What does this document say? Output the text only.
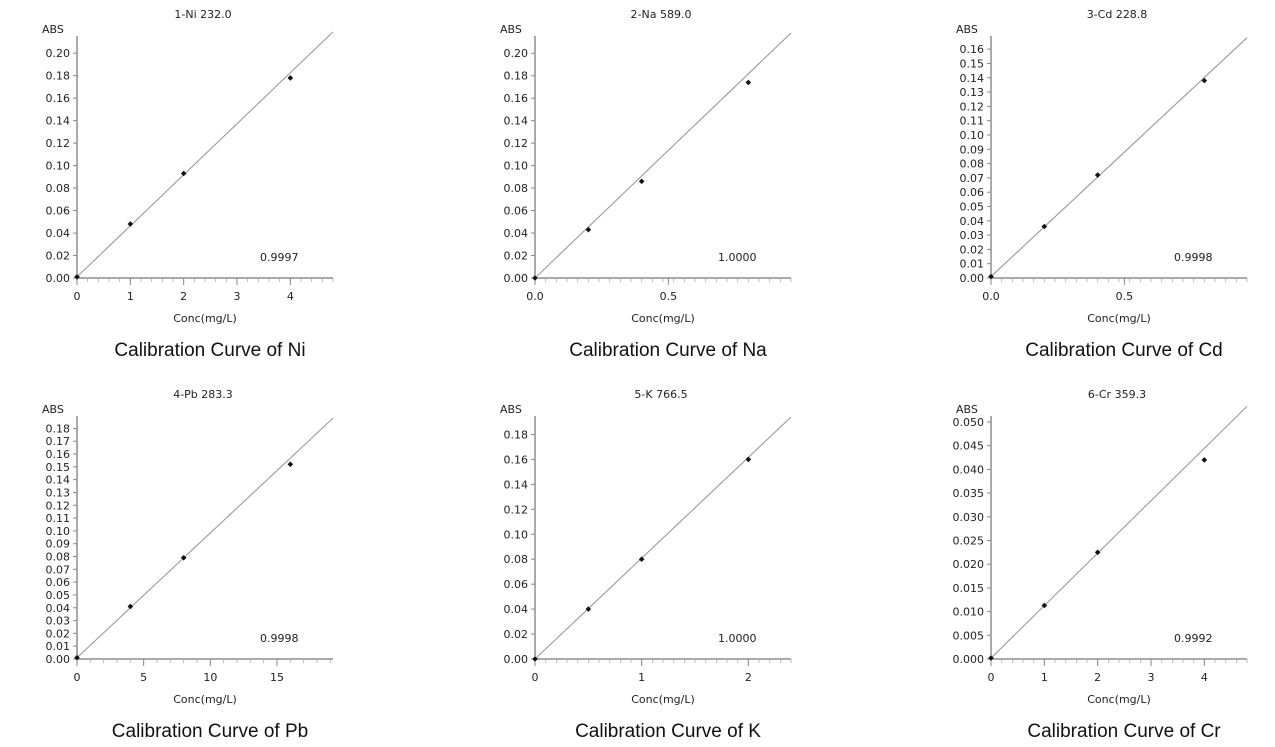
1-Ni 232.0
ABS
0.00
0.02
0.04
0.06
0.08
0.10
0.12
0.14
0.16
0.18
0.20
0	1	2	3	4
Conc(mg/L)
0.9997
Calibration Curve of Ni
2-Na 589.0
ABS
0.00
0.02
0.04
0.06
0.08
0.10
0.12
0.14
0.16
0.18
0.20
0.0	0.5
Conc(mg/L)
1.0000
Calibration Curve of Na
3-Cd 228.8
ABS
0.00
0.01
0.02
0.03
0.04
0.05
0.06
0.07
0.08
0.09
0.10
0.11
0.12
0.13
0.14
0.15
0.16
0.0	0.5
Conc(mg/L)
0.9998
Calibration Curve of Cd
4-Pb 283.3
ABS
0.00
0.01
0.02
0.03
0.04
0.05
0.06
0.07
0.08
0.09
0.10
0.11
0.12
0.13
0.14
0.15
0.16
0.17
0.18
0	5	10	15
Conc(mg/L)
0.9998
Calibration Curve of Pb
5-K 766.5
ABS
0.00
0.02
0.04
0.06
0.08
0.10
0.12
0.14
0.16
0.18
0	1	2
Conc(mg/L)
1.0000
Calibration Curve of K
6-Cr 359.3
ABS
0.000
0.005
0.010
0.015
0.020
0.025
0.030
0.035
0.040
0.045
0.050
0	1	2	3	4
Conc(mg/L)
0.9992
Calibration Curve of Cr
